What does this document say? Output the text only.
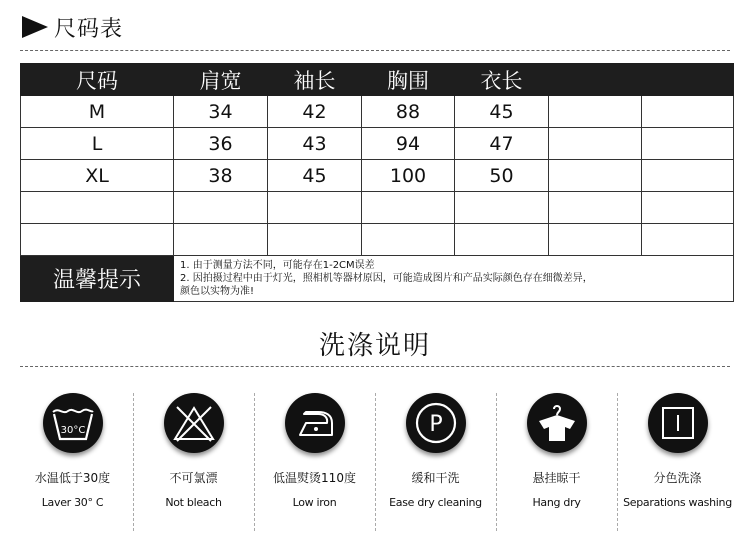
尺码表
尺码	肩宽	袖长	胸围	衣长		
M	34	42	88	45		
L	36	43	94	47		
XL	38	45	100	50		

温馨提示	1. 由于测量方法不同，可能存在1-2CM误差
2. 因拍摄过程中由于灯光，照相机等器材原因，可能造成图片和产品实际颜色存在细微差异，
颜色以实物为准!					
洗涤说明
30°C
水温低于30度
Laver 30° C
不可氯漂
Not bleach
低温熨烫110度
Low iron
P
缓和干洗
Ease dry cleaning
悬挂晾干
Hang dry
分色洗涤
Separations washing
